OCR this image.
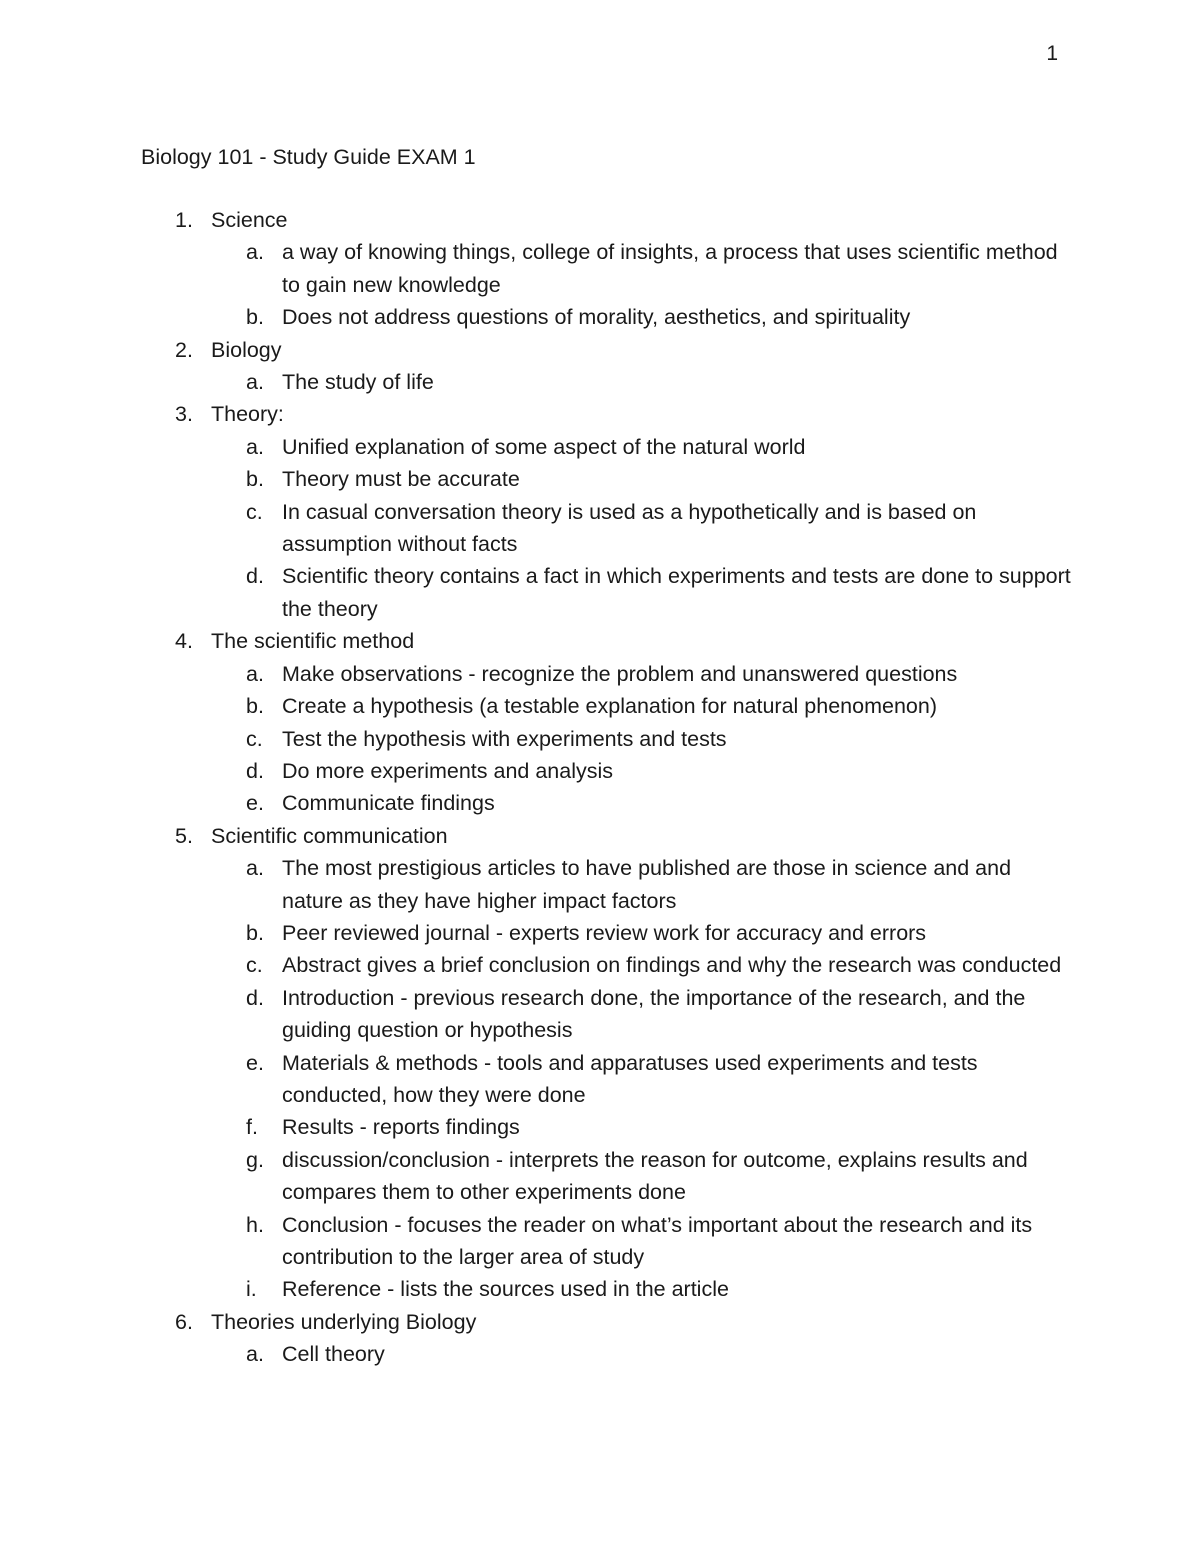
1
Biology 101 - Study Guide EXAM 1
1. Science
a. a way of knowing things, college of insights, a process that uses scientific method to gain new knowledge
b. Does not address questions of morality, aesthetics, and spirituality
2. Biology
a. The study of life
3. Theory:
a. Unified explanation of some aspect of the natural world
b. Theory must be accurate
c. In casual conversation theory is used as a hypothetically and is based on assumption without facts
d. Scientific theory contains a fact in which experiments and tests are done to support the theory
4. The scientific method
a. Make observations - recognize the problem and unanswered questions
b. Create a hypothesis (a testable explanation for natural phenomenon)
c. Test the hypothesis with experiments and tests
d. Do more experiments and analysis
e. Communicate findings
5. Scientific communication
a. The most prestigious articles to have published are those in science and and nature as they have higher impact factors
b. Peer reviewed journal - experts review work for accuracy and errors
c. Abstract gives a brief conclusion on findings and why the research was conducted
d. Introduction - previous research done, the importance of the research, and the guiding question or hypothesis
e. Materials & methods - tools and apparatuses used experiments and tests conducted, how they were done
f. Results - reports findings
g. discussion/conclusion - interprets the reason for outcome, explains results and compares them to other experiments done
h. Conclusion - focuses the reader on what’s important about the research and its contribution to the larger area of study
i. Reference - lists the sources used in the article
6. Theories underlying Biology
a. Cell theory
